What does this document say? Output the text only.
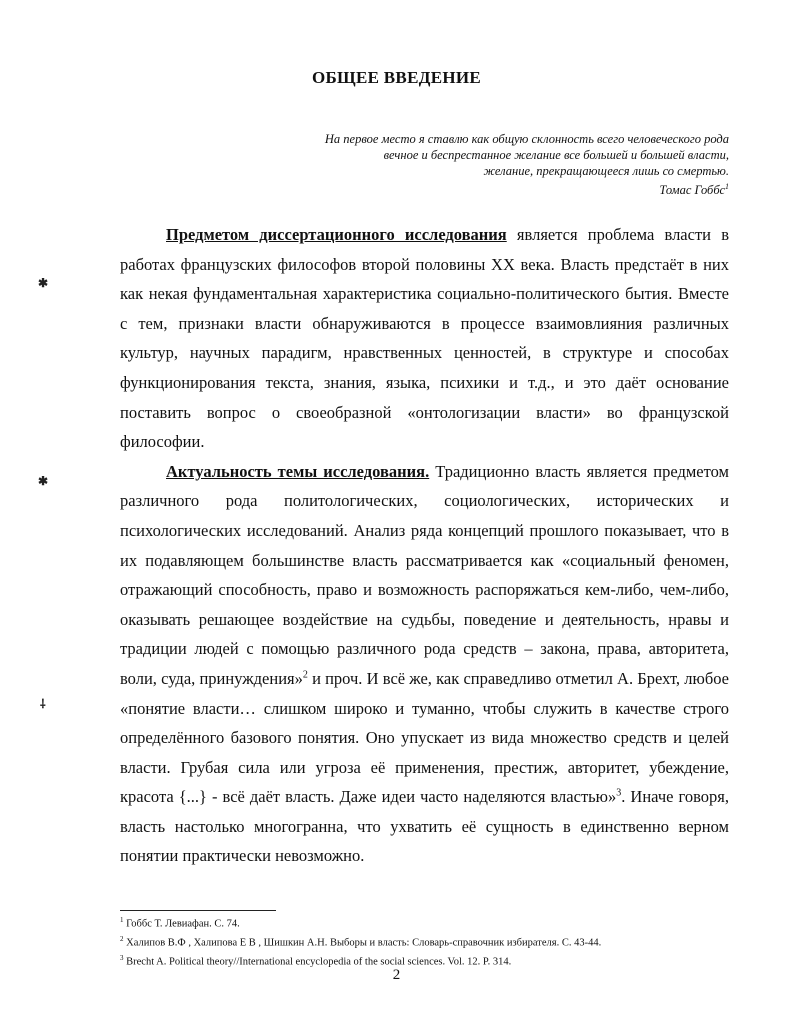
ОБЩЕЕ ВВЕДЕНИЕ
На первое место я ставлю как общую склонность всего человеческого рода
вечное и беспрестанное желание все большей и большей власти,
желание, прекращающееся лишь со смертью.
Томас Гоббс$^1$

Предметом диссертационного исследования является проблема власти в работах французских философов второй половины XX века. Власть предстаёт в них как некая фундаментальная характеристика социально-политического бытия. Вместе с тем, признаки власти обнаруживаются в процессе взаимовлияния различных культур, научных парадигм, нравственных ценностей, в структуре и способах функционирования текста, знания, языка, психики и т.д., и это даёт основание поставить вопрос о своеобразной «онтологизации власти» во французской философии.

Актуальность темы исследования. Традиционно власть является предметом различного рода политологических, социологических, исторических и психологических исследований. Анализ ряда концепций прошлого показывает, что в их подавляющем большинстве власть рассматривается как «социальный феномен, отражающий способность, право и возможность распоряжаться кем-либо, чем-либо, оказывать решающее воздействие на судьбы, поведение и деятельность, нравы и традиции людей с помощью различного рода средств – закона, права, авторитета, воли, суда, принуждения»$^2$ и проч. И всё же, как справедливо отметил А. Брехт, любое «понятие власти… слишком широко и туманно, чтобы служить в качестве строго определённого базового понятия. Оно упускает из вида множество средств и целей власти. Грубая сила или угроза её применения, престиж, авторитет, убеждение, красота {...} - всё даёт власть. Даже идеи часто наделяются властью»$^3$. Иначе говоря, власть настолько многогранна, что ухватить её сущность в единственно верном понятии практически невозможно.

$^1$ Гоббс Т. Левиафан. С. 74.
$^2$ Халипов В.Ф , Халипова Е В , Шишкин А.Н. Выборы и власть: Словарь-справочник избирателя. С. 43-44.
$^3$ Brecht A. Political theory//International encyclopedia of the social sciences. Vol. 12. P. 314.
2
✱
✱
⸸
